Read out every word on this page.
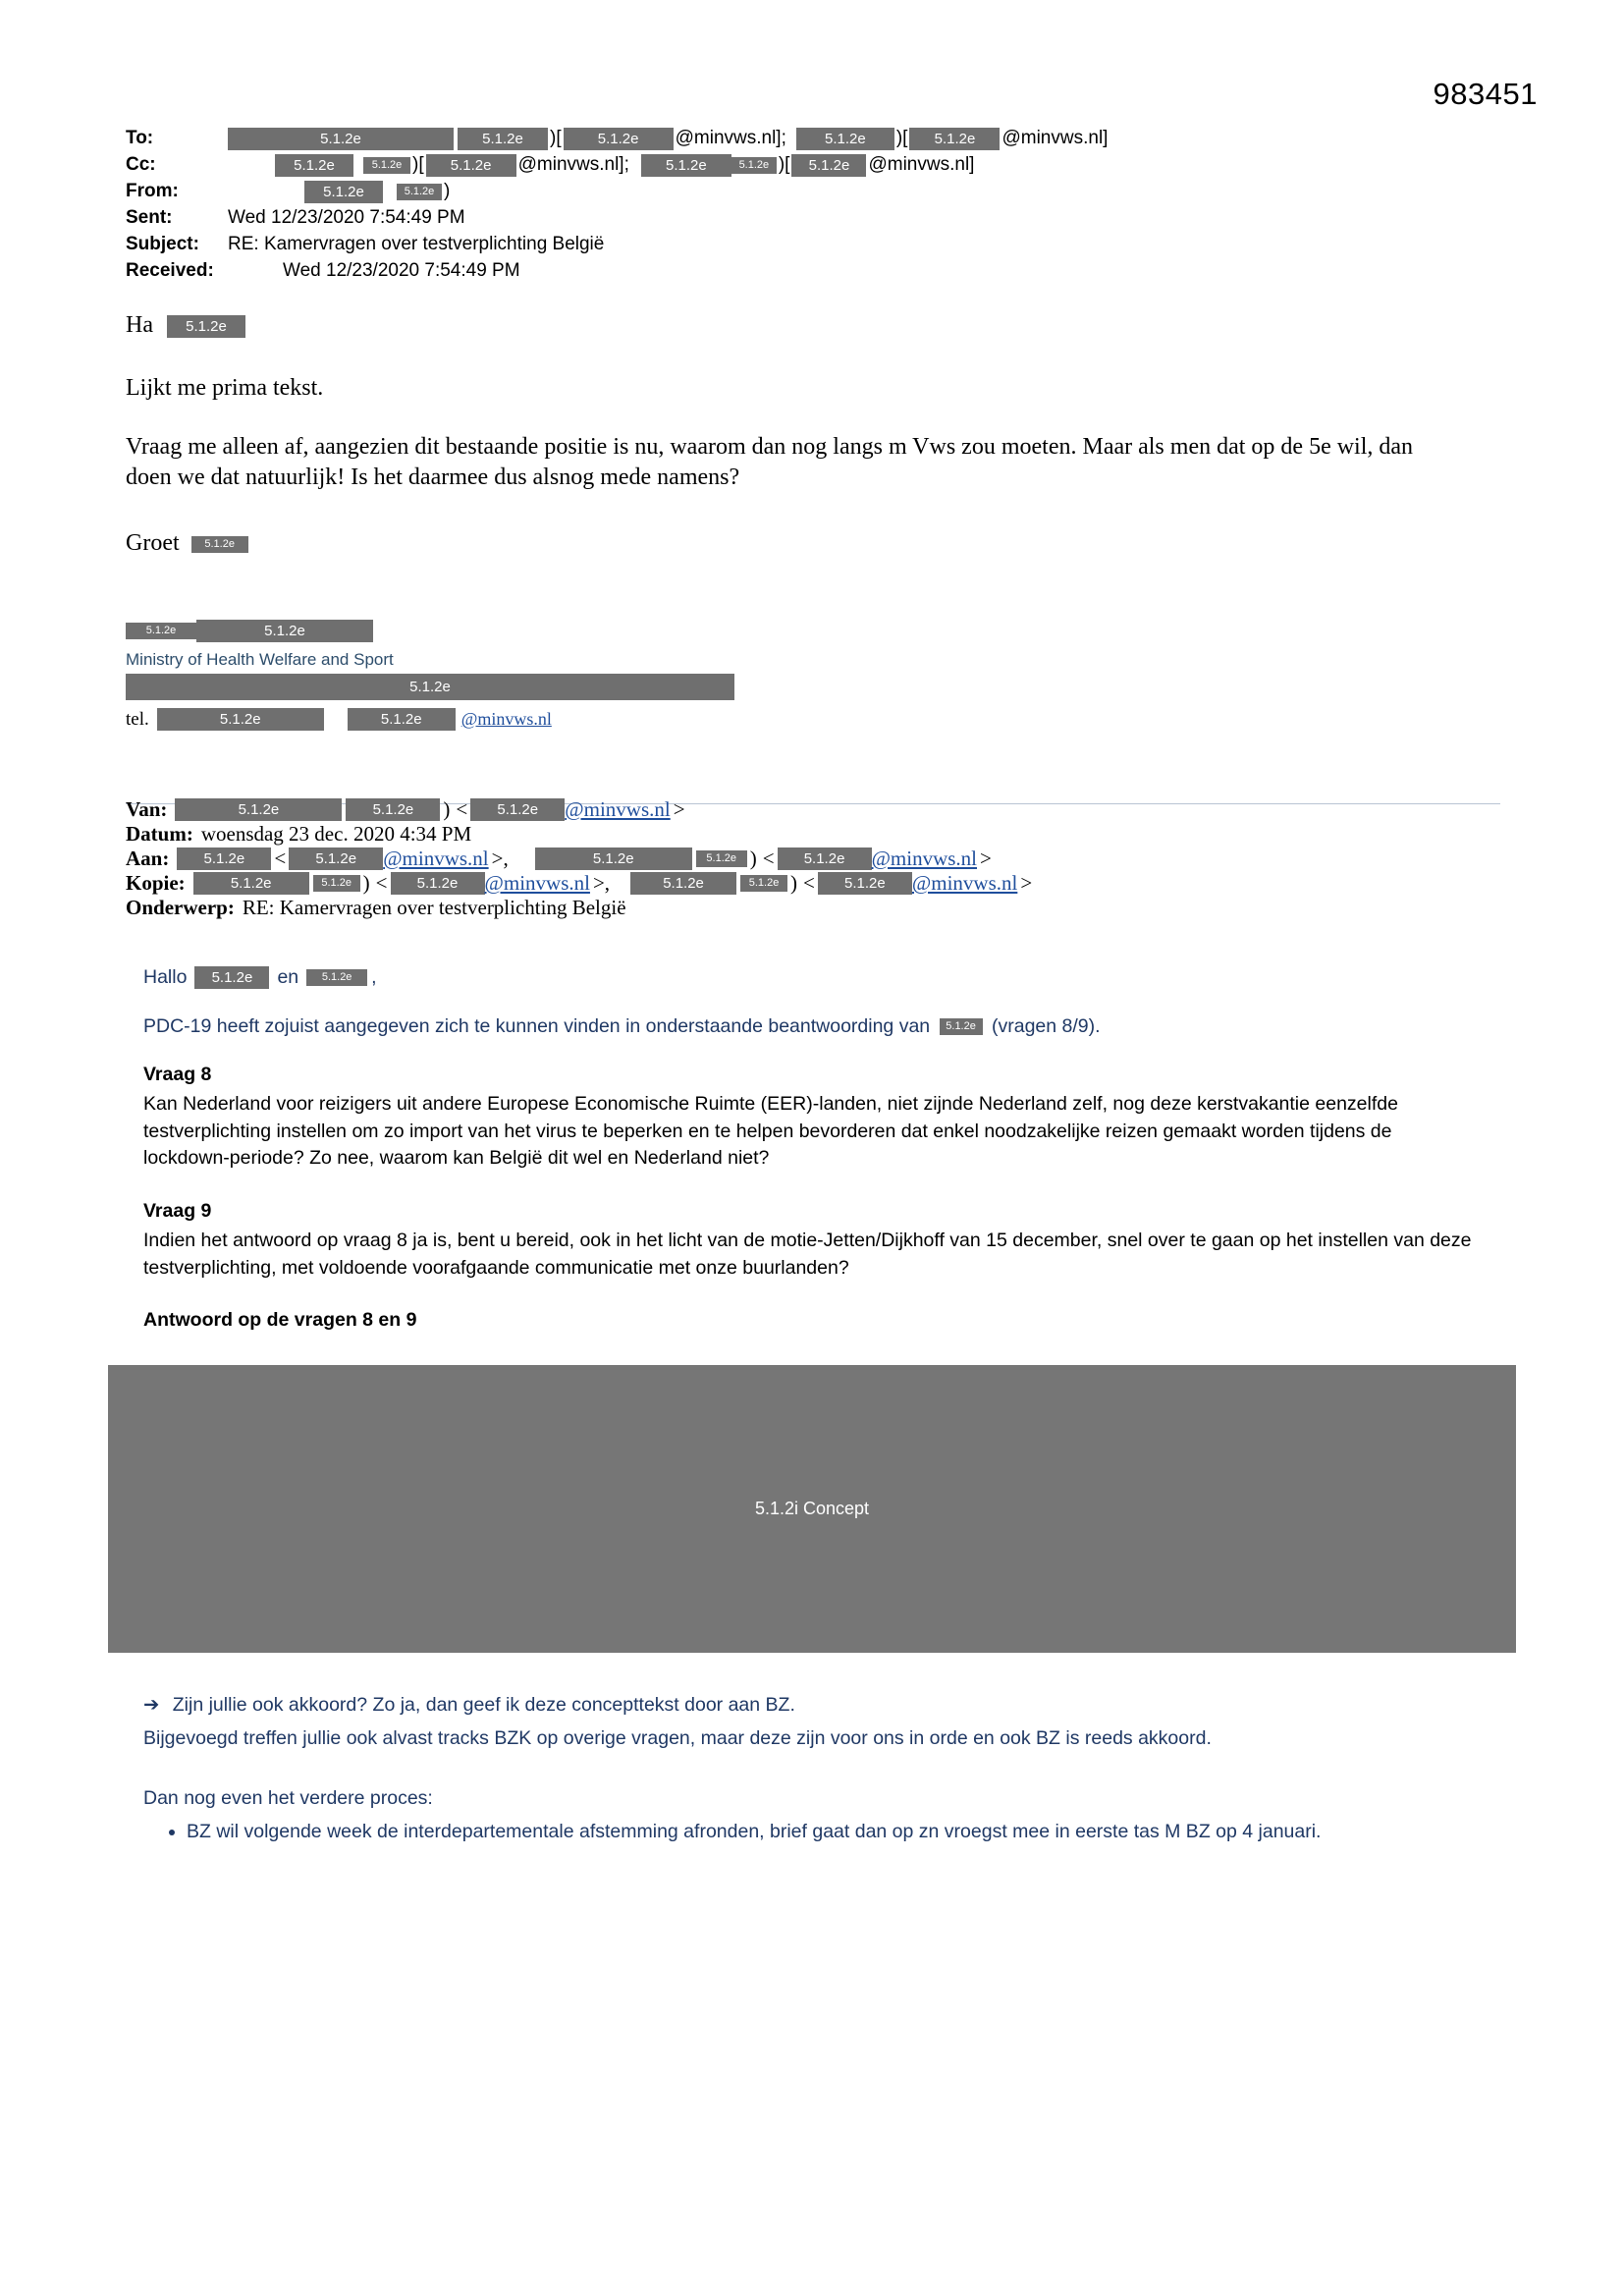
983451
To:	5.1.2e	5.1.2e	)[	5.1.2e	@minvws.nl];	5.1.2e	)[	5.1.2e	@minvws.nl]
Cc:	5.1.2e	5.1.2e )[	5.1.2e	@minvws.nl];	5.1.2e	5.1.2e )[	5.1.2e	@minvws.nl]
From:	5.1.2e	5.1.2e )
Sent:	Wed 12/23/2020 7:54:49 PM
Subject:	RE: Kamervragen over testverplichting België
Received:	Wed 12/23/2020 7:54:49 PM
Ha 5.1.2e
Lijkt me prima tekst.
Vraag me alleen af, aangezien dit bestaande positie is nu, waarom dan nog langs m Vws zou moeten. Maar als men dat op de 5e wil, dan doen we dat natuurlijk! Is het daarmee dus alsnog mede namens?
Groet 5.1.2e
5.1.2e	5.1.2e
Ministry of Health Welfare and Sport
5.1.2e
tel.	5.1.2e	5.1.2e	@minvws.nl
Van:	5.1.2e	5.1.2e	) <	5.1.2e	@minvws.nl >
Datum: woensdag 23 dec. 2020 4:34 PM
Aan:	5.1.2e	<	5.1.2e	@minvws.nl >,	5.1.2e	5.1.2e ) <	5.1.2e	@minvws.nl >
Kopie:	5.1.2e	5.1.2e ) <	5.1.2e	@minvws.nl >,	5.1.2e	5.1.2e ) <	5.1.2e	@minvws.nl >
Onderwerp: RE: Kamervragen over testverplichting België

Hallo	5.1.2e	en	5.1.2e	,

PDC-19 heeft zojuist aangegeven zich te kunnen vinden in onderstaande beantwoording van 5.1.2e (vragen 8/9).

Vraag 8
Kan Nederland voor reizigers uit andere Europese Economische Ruimte (EER)-landen, niet zijnde Nederland zelf, nog deze kerstvakantie eenzelfde testverplichting instellen om zo import van het virus te beperken en te helpen bevorderen dat enkel noodzakelijke reizen gemaakt worden tijdens de lockdown-periode? Zo nee, waarom kan België dit wel en Nederland niet?
Vraag 9
Indien het antwoord op vraag 8 ja is, bent u bereid, ook in het licht van de motie-Jetten/Dijkhoff van 15 december, snel over te gaan op het instellen van deze testverplichting, met voldoende voorafgaande communicatie met onze buurlanden?
Antwoord op de vragen 8 en 9
5.1.2i Concept

➔ Zijn jullie ook akkoord? Zo ja, dan geef ik deze concepttekst door aan BZ.

Bijgevoegd treffen jullie ook alvast tracks BZK op overige vragen, maar deze zijn voor ons in orde en ook BZ is reeds akkoord.

Dan nog even het verdere proces:

• BZ wil volgende week de interdepartementale afstemming afronden, brief gaat dan op zn vroegst mee in eerste tas M BZ op 4 januari.
